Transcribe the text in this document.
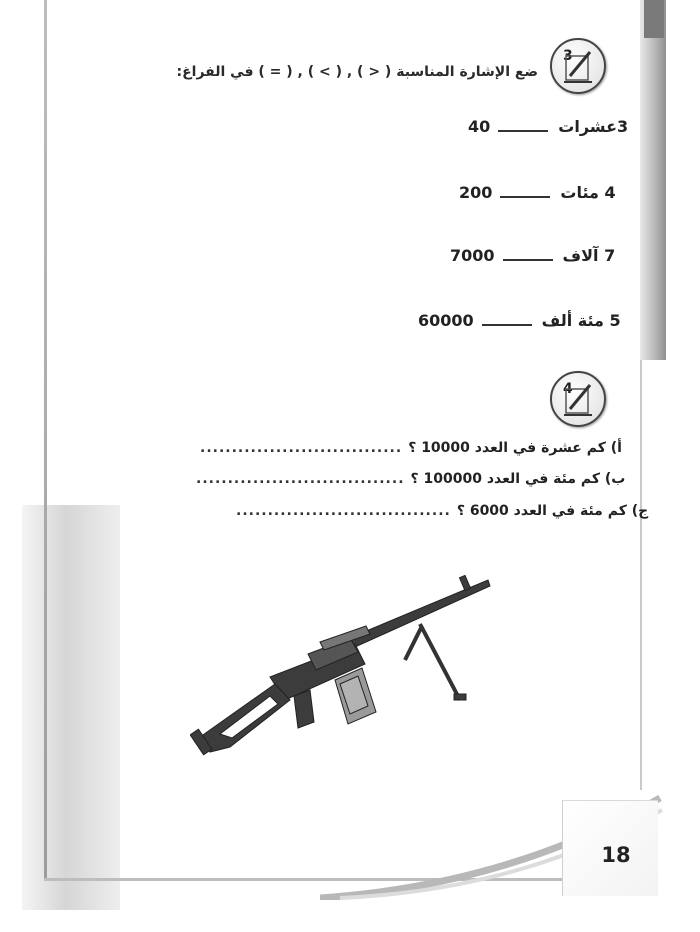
18
3
ضع الإشارة المناسبة ( < ) , ( > ) , ( = ) في الفراغ:
40	3عشرات
200	4 مئات
7000	7 آلاف
60000	5 مئة ألف
4
................................ أ) كم عشرة في العدد 10000 ؟
................................. ب) كم مئة في العدد 100000 ؟
.................................. ج) كم مئة في العدد 6000 ؟
